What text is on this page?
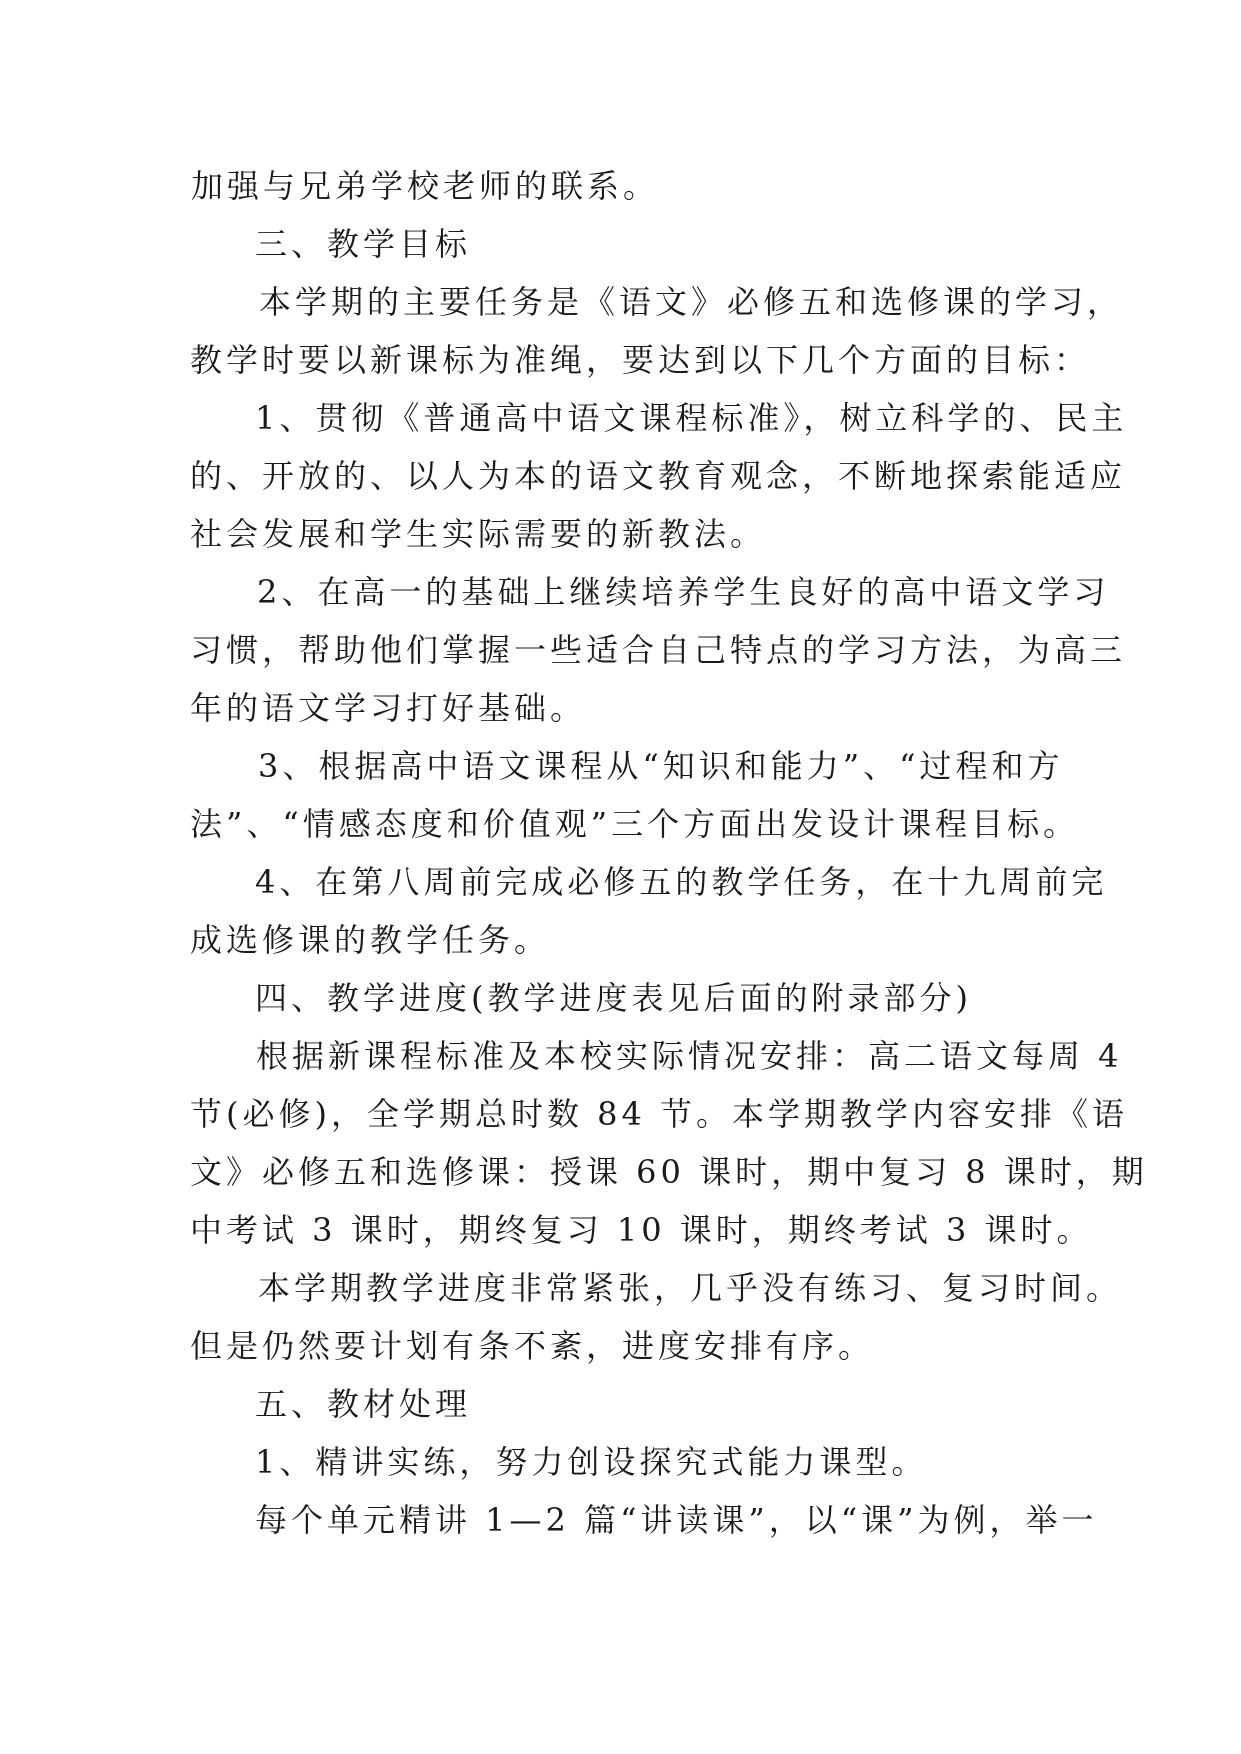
加强与兄弟学校老师的联系。
三、教学目标
本学期的主要任务是《语文》必修五和选修课的学习，
教学时要以新课标为准绳，要达到以下几个方面的目标：
1、贯彻《普通高中语文课程标准》，树立科学的、民主
的、开放的、以人为本的语文教育观念，不断地探索能适应
社会发展和学生实际需要的新教法。
2、在高一的基础上继续培养学生良好的高中语文学习
习惯，帮助他们掌握一些适合自己特点的学习方法，为高三
年的语文学习打好基础。
3、根据高中语文课程从“知识和能力”、“过程和方
法”、“情感态度和价值观”三个方面出发设计课程目标。
4、在第八周前完成必修五的教学任务，在十九周前完
成选修课的教学任务。
四、教学进度(教学进度表见后面的附录部分)
根据新课程标准及本校实际情况安排：高二语文每周 4
节(必修)，全学期总时数 84 节。本学期教学内容安排《语
文》必修五和选修课：授课 60 课时，期中复习 8 课时，期
中考试 3 课时，期终复习 10 课时，期终考试 3 课时。
本学期教学进度非常紧张，几乎没有练习、复习时间。
但是仍然要计划有条不紊，进度安排有序。
五、教材处理
1、精讲实练，努力创设探究式能力课型。
每个单元精讲 1—2 篇“讲读课”，以“课”为例，举一
